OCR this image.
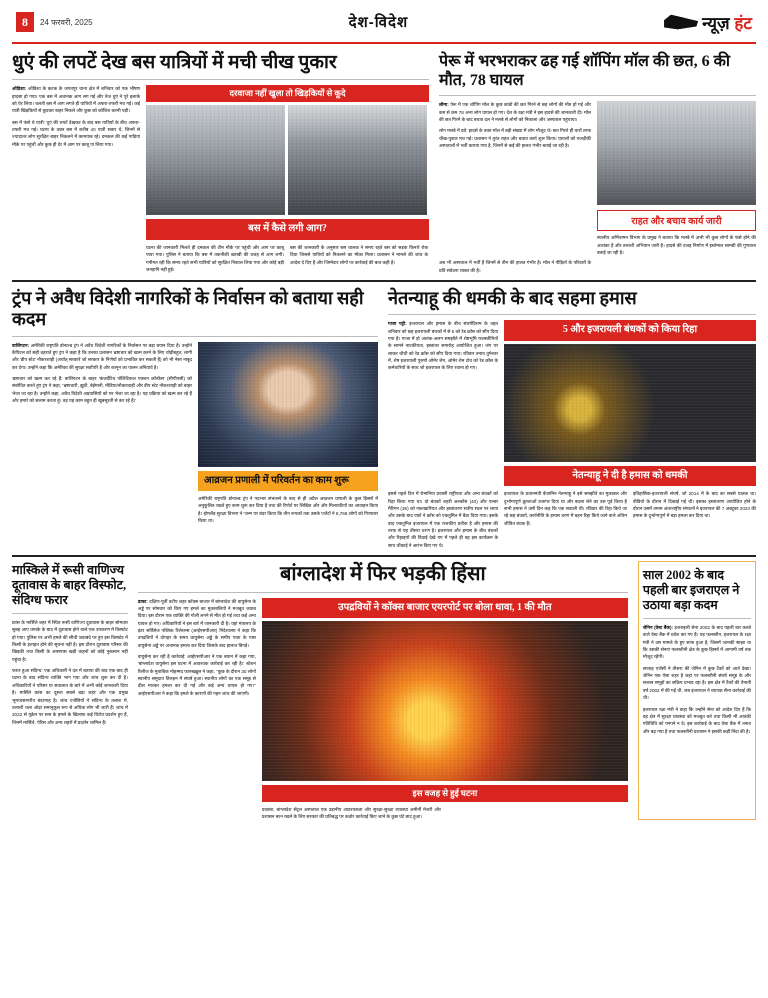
8	24 फरवरी, 2025	देश-विदेश	न्यूज़ हंट
धुएं की लपटें देख बस यात्रियों में मची चीख पुकार
ओडिशा: ओडिशा के कटक के जगतपुर थाना क्षेत्र में शनिवार को एक भीषण हादसा हो गया। एक बस में अचानक आग लग गई और तेज धुएं ने पूरे इलाके को घेर लिया। चलती बस में आग लगते ही यात्रियों में अफरा-तफरी मच गई। कई यात्री खिड़कियों से कूदकर बाहर निकले और कुछ को कोशिश करनी पड़ी।
बस में फंसे थे यात्री: धुएं की लपटें देखकर के बाद बस यात्रियों के बीच अफरा-तफरी मच गई। घटना के वक्त बस में करीब 40 यात्री सवार थे, जिनमें से ज्यादातर लोग सुरक्षित बाहर निकलने में कामयाब रहे। दमकल की कई गाड़ियां मौके पर पहुंचीं और कुछ ही देर में आग पर काबू पा लिया गया।
दरवाजा नहीं खुला तो खिड़कियों से कूदे
बस में कैसे लगी आग?
घटना की जानकारी मिलते ही दमकल की टीम मौके पर पहुंची और आग पर काबू पाया गया। पुलिस ने बताया कि बस में तकनीकी खराबी की वजह से आग लगी। गनीमत रही कि समय रहते सभी यात्रियों को सुरक्षित निकाल लिया गया और कोई बड़ी जनहानि नहीं हुई।
बस की जानकारी के अनुसार बस चालक ने समय रहते बस को सड़क किनारे रोक दिया जिससे यात्रियों को निकलने का मौका मिला। प्रशासन ने मामले की जांच के आदेश दे दिए हैं और जिम्मेदार लोगों पर कार्रवाई की बात कही है।
पेरू में भरभराकर ढह गई शॉपिंग मॉल की छत, 6 की मौत, 78 घायल
लीमा: पेरू में एक शॉपिंग मॉल के कुछ कांडों की छत गिरने से छह लोगों की मौत हो गई और कम से कम 78 अन्य लोग घायल हो गए। देश के रक्षा मंत्री ने इस हादसे की जानकारी दी। मॉल की छत गिरने के बाद बचाव दल ने मलबे से लोगों को निकाला और अस्पताल पहुंचाया।
लोग मलबे में दबे: हादसे के वक्त मॉल में बड़ी संख्या में लोग मौजूद थे। छत गिरते ही चारों तरफ चीख-पुकार मच गई। प्रशासन ने तुरंत राहत और बचाव कार्य शुरू किया। घायलों को नजदीकी अस्पतालों में भर्ती कराया गया है, जिनमें से कई की हालत गंभीर बताई जा रही है।
राहत और बचाव कार्य जारी
स्थानीय अग्निशमन विभाग के प्रमुख ने बताया कि मलबे में अभी भी कुछ लोगों के फंसे होने की आशंका है और तलाशी अभियान जारी है। हादसे की वजह निर्माण में इस्तेमाल सामग्री की गुणवत्ता बताई जा रही है।
अब भी अस्पताल में भर्ती हैं जिनमें से तीन की हालत गंभीर है। मॉल ने पीड़ितों के परिवारों के प्रति संवेदना व्यक्त की है।
ट्रंप ने अवैध विदेशी नागरिकों के निर्वासन को बताया सही कदम
वाशिंगटन: अमेरिकी राष्ट्रपति डोनाल्ड ट्रंप ने अवैध विदेशी नागरिकों के निर्वासन पर बड़ा बयान दिया है। उन्होंने कैपिटल को सही ठहराते हुए ट्रंप ने कहा है कि उनका प्रशासन भ्रष्टाचार को खत्म करने के लिए थोड़ीबहुत, लागी और 'डीप स्टेट' नौकरशाही (अर्थात् सरकारें जो सरकार के निर्णयों को प्रभावित कर सकती हैं) को भी नेस्त नाबूद कर देगा। उन्होंने कहा कि अमेरिका की सुरक्षा सर्वोपरि है और कानून का पालन अनिवार्य है।
भ्रष्टाचार को खत्म कर रहे हैं: वाशिंगटन के बाहर 'कंजर्वेटिव पॉलिटिकल एक्शन कॉन्फ्रेंस' (सीपीएसी) को संबोधित करते हुए ट्रंप ने कहा, 'भ्रष्टाचारी, झूठी, बेईमानी, मीडिया/नौकरशाही और डीप स्टेट नौकरशाही को बाहर भेजा जा रहा है। उन्होंने कहा, अवैध विदेशी अप्रवासियों को घर भेजा जा रहा है। यह प्रक्रिया को खत्म कर रहे हैं और हमारे को सलाम करता हूं। वह यह काम बहुत ही खूबसूरती से कर रहे हैं।'
आव्रजन प्रणाली में परिवर्तन का काम शुरू
अमेरिकी राष्ट्रपति डोनाल्ड ट्रंप ने पदभार संभालने के बाद से ही अप्रैल आव्रजन प्रणाली के कुछ हिस्सों में अनुकूलित रखते हुए काम शुरू कर दिया है तथा की रिपोर्ट पर लिखित और और मिलावटियों का आवाहन किया है। होमलैंड सुरक्षा विभाग ने 'जन्म पर बंदर किया कि तीन रूपकों तक उसके एजेंटों ने 8,768 लोगों को गिरफ्तार किया था।
नेतन्याहू की धमकी के बाद सहमा हमास
गाजा पट्टी: इजरायल और हमास के बीच संघर्षविराम के तहत शनिवार को छह इजरायली बंधकों में से 5 को रेड क्रॉस को सौंप दिया गया है। गाजा में हो आतंक-अलग समझौते में शेष्टभूमि फलस्तीनियों के सामने नाटकीयता, हस्तांतर समारोह आयोजित हुआ। जंग पर लाकर चौथी को रेड क्रॉस को सौंप दिया गया। रविवार तनाव तुमेश्वर में, शेष इजरायली पुरुषों ओमेर शेम, ओमेर शेम टोव को रेड क्रॉस के कर्मचारियों के साथ जो इजरायल के लिए रवाना हो गए।
5 और इजरायली बंधकों को किया रिहा
नेतन्याहू ने दी है हमास को धमकी
इससे पहले दिन में रोमानिया प्रवासी राष्ट्रीयता और अन्य बंधकों को रिहा किया गया था। दो बंधकों शहरी अल्कोंस (40) और एल्बर मैरिगन (36) को नफ़ाखारियत और हस्तांतरण सत्रीय स्थल पर लाया और उसके बाद एकों ने क्रॉस को एकतुमित में बैठा दिया गया। इसके बाद एकतुमित इजरायल में एक राजकीय प्रतीक है और हमास की तरफ़ से यह तीसरा चरण है। इजरायल और हमास के बीच बंधकों और रिहाइयों की विदाई देखे गए में पहले ही वह इस कार्यक्रम के साथ चौंकाई ने आरंभ किए गए थे।
इजरायल के प्रधानमंत्री बेंजामिन नेतन्याहू ने इसे समझौते का मुकाबल और दुर्भाग्यपूर्ण क्रूरताओं उजागर दिया था और बदला लेने का उस पूर्व किया है सभी हमास ने उसी दिन कह कि एक सवाली थी। रविवार की रिहा किये जा रहे छह बंधकों, कार्यनीति के हमास चरण में बहन रिहा किये जाने वाले अंतिम जीवित बंधक हैं।
इतिहासिक-इजरायली संघर्ष, जो 2014 में के बाद का सबसे घातक था। वीडियो के दौरान में दिखाई गई थी। इसका हस्तांतरण आयोजित होने के दौरान उसमें तमाम अंतरराष्ट्रीय संगठनों ने इजरायल की 7 अक्टूबर 2023 की हमास के दुर्भाग्यपूर्ण में बड़ा हमला कर दिया था।
मास्किले में रूसी वाणिज्य दूतावास के बाहर विस्फोट, संदिग्ध फरार
फ्रांस के मार्सिले शहर में स्थित रूसी वाणिज्य दूतावास के बाहर सोमवार सुबह आए धमाके के बाद में दूतावास होने वाले एक उपकरण में विस्फोट हो गया। पुलिस पर अभी हमले की सीधी जवाबंदे पर हुए इस विस्फोट में किसी के हताहत होने की सूचना नहीं है। इस दौरान दूतावास परिसर की खिड़की तथा किसी के आसपास खड़ी वाहनों को कोई नुकसान नहीं पहुंचा है।
फरार हुआ संदिग्ध: एक अधिकारी ने दंत में बताया की बाद एक बाद ही घटना के बाद संदिग्ध व्यक्ति भाग गया और जांच शुरू कर दी है। अधिकारियों ने परिसर या सवालात के बारे में अभी कोई जानकारी दिया है। मार्सिले फ्रांस का दूसरा सबसे बड़ा शहर और एक प्रमुख भूमध्यसागरीय बंदरगाह है। जांच एजेंसियों ने संदिग्ध के तलाश में, तलाशी चला ओढ़ा समानुकूल रूप से अधिक लोग भी जारी हैं। जांच में 2022 से यूक्रेन पर रूस के हमले के खिलाफ़ कई विरोध प्रदर्शन हुए हैं, जिनमें मार्सिले, पेरिस और अन्य शहरों में प्रदर्शन शामिल हैं।
बांग्लादेश में फिर भड़की हिंसा
ढाका: दक्षिण-पूर्वी तटीय शहर कॉक्स बाजार में बांग्लादेश की वायुसेना के अड्डे पर सोमवार को किए गए हमले का मुकाबलियों ने मजबूत जवाब दिया। इस दौरान एक व्यक्ति की गोली लगने से मौत हो गई तथा कई अन्य घायल हो गए। अधिकारियों ने इस बारे में जानकारी दी है। यहां मंत्रालय के इंटर सर्विसेज पब्लिक रिलेशन्स (आईएसपीआर) निदेशालय ने कहा कि उपद्रवियों ने दोपहर के समय वायुसेना अड्डे के समीप पाता के पास वायुसेना अड्डे पर अचानक हमला कर दिया जिसके बाद हालात बिगड़े।
वायुसेना कर रही है कार्रवाई: आईएसपीआर ने एक बयान में कहा गया, 'बांग्लादेश वायुसेना इस घटना में आवश्यक कार्रवाई कर रही है।' स्टेशन रिलीज के मुताबिक मोहम्मद फ़ारुख्ख़ुल ने कहा, ''कुछ के दौरान 30 लोगों स्थानीय समुदाय तिलहन में संघर्ष हुआ। स्थानीय लोगों का एक समूह से ढील मारकर हमला कर दी गई और कई अन्य घायल हो गए।'' आईएसपीआर ने कहा कि हमले के कारणों की गहन जांच की जाएगी।
उपद्रवियों ने कॉक्स बाजार एयरपोर्ट पर बोला धावा, 1 की मौत
इस वजह से हुई घटना
प्रवक्ता, बांग्लादेश सेंट्रल अस्पताल एक उड़ानीय आवश्यकता और सुरक्षा-सुरक्षा व्यवस्था अमीनीं मेजरी और प्रशासन बरन रखने के लिए सरकार की प्रतिबद्ध पर कठोर कार्रवाई किए जाने के कुछ घंटे बाद हुआ।
साल 2002 के बाद पहली बार इजराएल ने उठाया बड़ा कदम
जेनिन (वेस्ट बैंक): इजराइली सेना 2002 के बाद पहली बार कब्जे वाले वेस्ट बैंक में प्रवेश कर गए हैं। यह फलस्तीन, इजरायल के रक्षा मंत्री ने उस मामले के हुए साफ हुआ है, जिसमें जानकी साझा था कि उसकी सेनाएं फलस्तीनी क्षेत्र के कुछ हिस्सों में आगामी वर्ष तक मौजूद रहेंगी।
सप्ताह एजेंसी ने तीसरा की जेनिन में कुछ टैंकों को आते देखा। जेनिन एक ऐसा शहर है जहां पर फलस्तीनी संघर्ष समूह के और सशस्त्र समूहों का सक्रिय प्रभाव रहा है। इस क्षेत्र में टैंकों की तैनाती वर्ष 2002 में की गई थी, जब इजरायल ने व्यापक सैन्य कार्रवाई की थी।
इजरायल रक्षा मंत्री ने कहा कि उन्होंने सेना को आदेश दिए हैं कि वह क्षेत्र में सुरक्षा व्यवस्था को मजबूत करे तथा किसी भी आतंकी गतिविधि को पनपने न दे। इस कार्रवाई के बाद वेस्ट बैंक में तनाव और बढ़ गया है तथा फलस्तीनी प्रशासन ने इसकी कड़ी निंदा की है।
